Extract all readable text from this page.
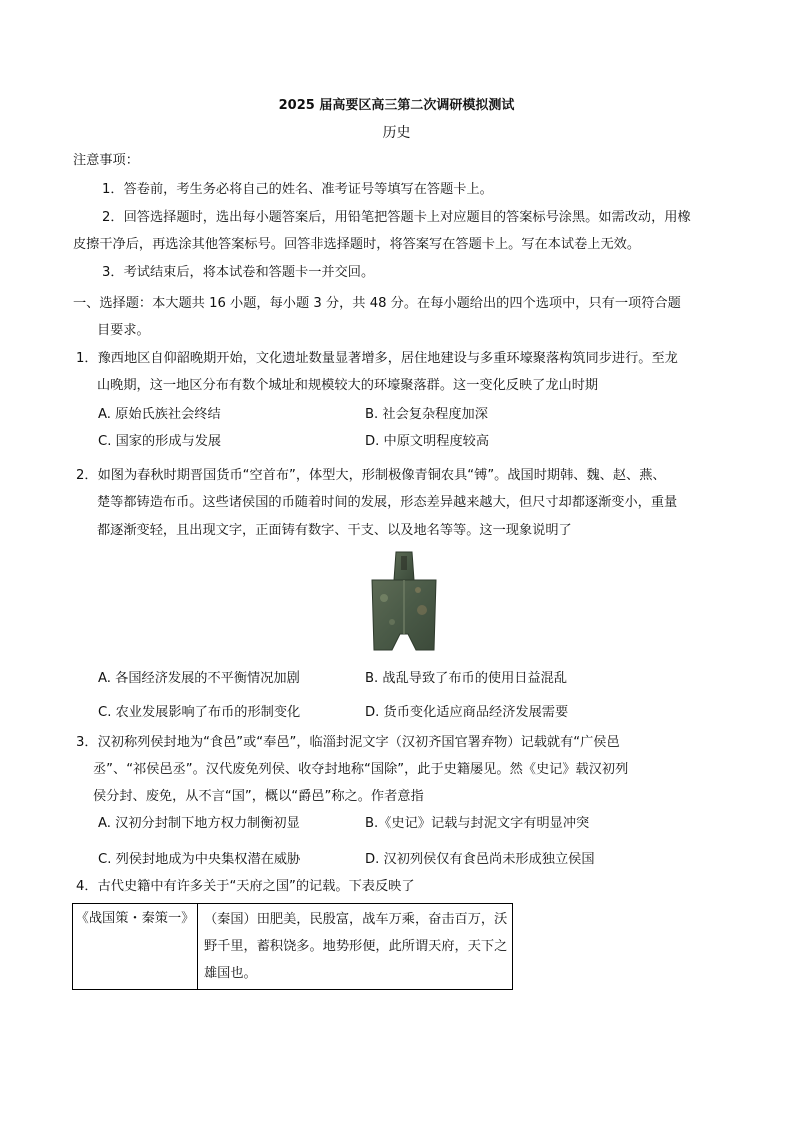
2025 届高要区高三第二次调研模拟测试
历史
注意事项：
1．答卷前，考生务必将自己的姓名、准考证号等填写在答题卡上。
2．回答选择题时，选出每小题答案后，用铅笔把答题卡上对应题目的答案标号涂黑。如需改动，用橡
皮擦干净后，再选涂其他答案标号。回答非选择题时，将答案写在答题卡上。写在本试卷上无效。
3．考试结束后，将本试卷和答题卡一并交回。
一、选择题：本大题共 16 小题，每小题 3 分，共 48 分。在每小题给出的四个选项中，只有一项符合题
目要求。
1．豫西地区自仰韶晚期开始，文化遗址数量显著增多，居住地建设与多重环壕聚落构筑同步进行。至龙
山晚期，这一地区分布有数个城址和规模较大的环壕聚落群。这一变化反映了龙山时期
A. 原始氏族社会终结	B. 社会复杂程度加深
C. 国家的形成与发展	D. 中原文明程度较高
2．如图为春秋时期晋国货币“空首布”，体型大，形制极像青铜农具“镈”。战国时期韩、魏、赵、燕、
楚等都铸造布币。这些诸侯国的币随着时间的发展，形态差异越来越大，但尺寸却都逐渐变小，重量
都逐渐变轻，且出现文字，正面铸有数字、干支、以及地名等等。这一现象说明了
A. 各国经济发展的不平衡情况加剧	B. 战乱导致了布币的使用日益混乱
C. 农业发展影响了布币的形制变化	D. 货币变化适应商品经济发展需要
3．汉初称列侯封地为“食邑”或“奉邑”，临淄封泥文字（汉初齐国官署弃物）记载就有“广侯邑
丞”、“祁侯邑丞”。汉代废免列侯、收夺封地称“国除”，此于史籍屡见。然《史记》载汉初列
侯分封、废免，从不言“国”，概以“爵邑”称之。作者意指
A. 汉初分封制下地方权力制衡初显	B.《史记》记载与封泥文字有明显冲突
C. 列侯封地成为中央集权潜在威胁	D. 汉初列侯仅有食邑尚未形成独立侯国
4．古代史籍中有许多关于“天府之国”的记载。下表反映了
《战国策・秦策一》	（秦国）田肥美，民殷富，战车万乘，奋击百万，沃野千里，蓄积饶多。地势形便，此所谓天府，天下之雄国也。
